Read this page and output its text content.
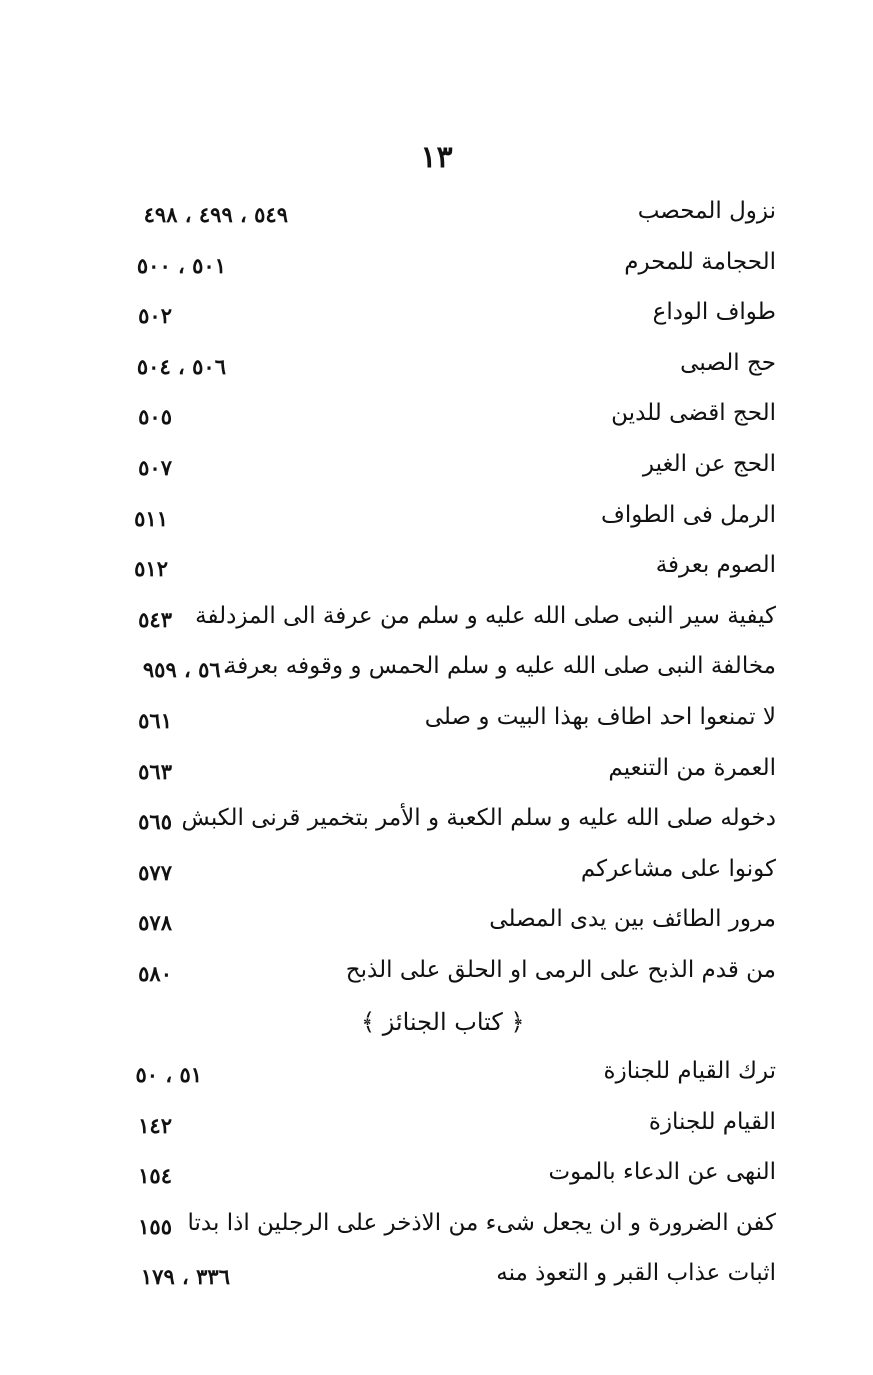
١٣
نزول المحصب
٥٤٩ ، ٤٩٩ ، ٤٩٨
الحجامة للمحرم
٥٠١ ، ٥٠٠
طواف الوداع
٥٠٢
حج الصبى
٥٠٦ ، ٥٠٤
الحج اقضى للدين
٥٠٥
الحج عن الغير
٥٠٧
الرمل فى الطواف
٥١١
الصوم بعرفة
٥١٢
كيفية سير النبى صلى الله عليه و سلم من عرفة الى المزدلفة
٥٤٣
مخالفة النبى صلى الله عليه و سلم الحمس و وقوفه بعرفة
٥٦٠ ، ٩٥٩
لا تمنعوا احد اطاف بهذا البيت و صلى
٥٦١
العمرة من التنعيم
٥٦٣
دخوله صلى الله عليه و سلم الكعبة و الأمر بتخمير قرنى الكبش
٥٦٥
كونوا على مشاعركم
٥٧٧
مرور الطائف بين يدى المصلى
٥٧٨
من قدم الذبح على الرمى او الحلق على الذبح
٥٨٠
﴿ كتاب الجنائز ﴾
ترك القيام للجنازة
٥١ ، ٥٠
القيام للجنازة
١٤٢
النهى عن الدعاء بالموت
١٥٤
كفن الضرورة و ان يجعل شىء من الاذخر على الرجلين اذا بدتا
١٥٥
اثبات عذاب القبر و التعوذ منه
٣٣٦ ، ١٧٩
